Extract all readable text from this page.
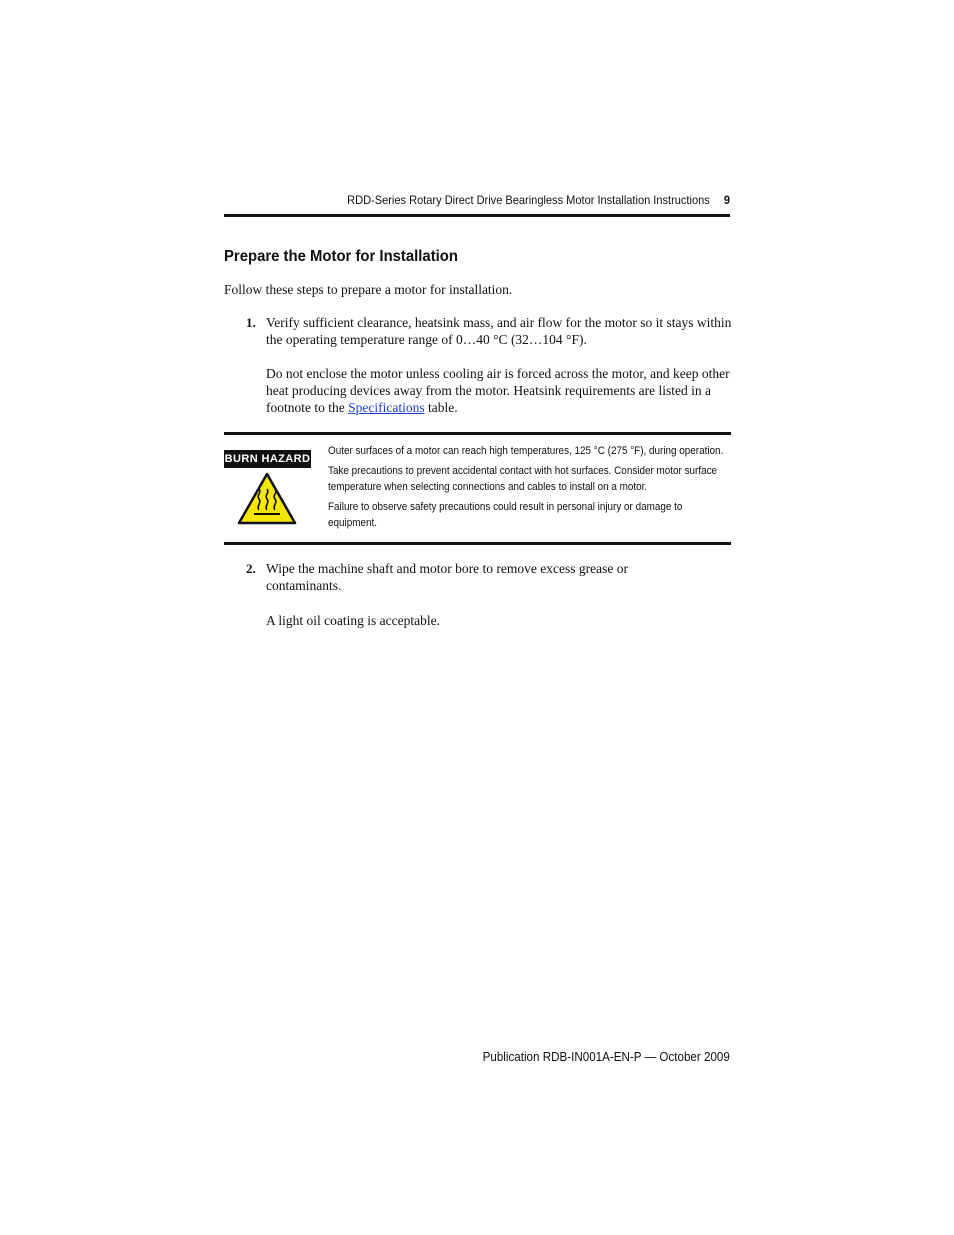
RDD-Series Rotary Direct Drive Bearingless Motor Installation Instructions 9
Prepare the Motor for Installation
Follow these steps to prepare a motor for installation.
1. Verify sufficient clearance, heatsink mass, and air flow for the motor so it stays within the operating temperature range of 0…40 °C (32…104 °F).

Do not enclose the motor unless cooling air is forced across the motor, and keep other heat producing devices away from the motor. Heatsink requirements are listed in a footnote to the Specifications table.

BURN HAZARD

Outer surfaces of a motor can reach high temperatures, 125 °C (275 °F), during operation.

Take precautions to prevent accidental contact with hot surfaces. Consider motor surface temperature when selecting connections and cables to install on a motor.

Failure to observe safety precautions could result in personal injury or damage to equipment.

2. Wipe the machine shaft and motor bore to remove excess grease or contaminants.

A light oil coating is acceptable.

Publication RDB-IN001A-EN-P — October 2009
